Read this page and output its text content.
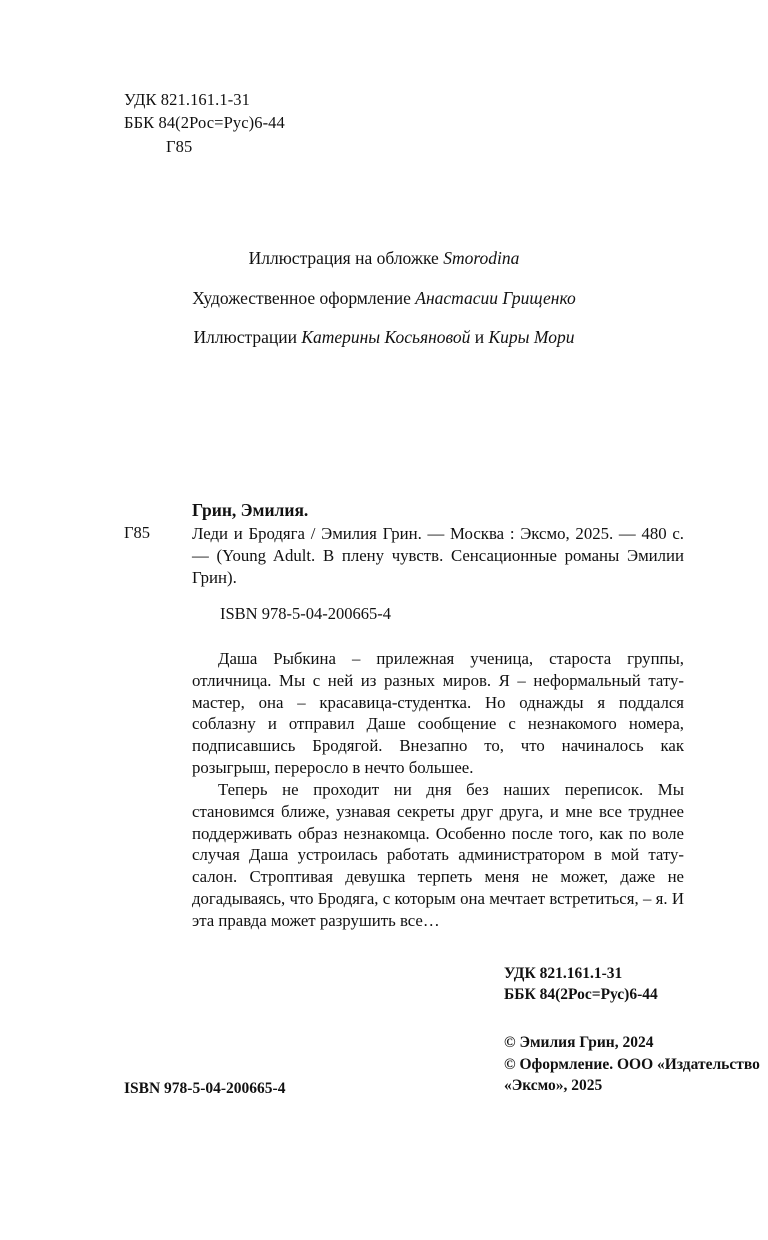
УДК 821.161.1-31
ББК 84(2Рос=Рус)6-44
Г85
Иллюстрация на обложке Smorodina
Художественное оформление Анастасии Грищенко
Иллюстрации Катерины Косьяновой и Киры Мори
Грин, Эмилия.
Г85 Леди и Бродяга / Эмилия Грин. — Москва : Эксмо, 2025. — 480 с. — (Young Adult. В плену чувств. Сенсационные романы Эмилии Грин).
ISBN 978-5-04-200665-4

Даша Рыбкина – прилежная ученица, староста группы, отличница. Мы с ней из разных миров. Я – неформальный тату-мастер, она – красавица-студентка. Но однажды я поддался соблазну и отправил Даше сообщение с незнакомого номера, подписавшись Бродягой. Внезапно то, что начиналось как розыгрыш, переросло в нечто большее.

Теперь не проходит ни дня без наших переписок. Мы становимся ближе, узнавая секреты друг друга, и мне все труднее поддерживать образ незнакомца. Особенно после того, как по воле случая Даша устроилась работать администратором в мой тату-салон. Строптивая девушка терпеть меня не может, даже не догадываясь, что Бродяга, с которым она мечтает встретиться, – я. И эта правда может разрушить все…

УДК 821.161.1-31
ББК 84(2Рос=Рус)6-44
© Эмилия Грин, 2024
© Оформление. ООО «Издательство
«Эксмо», 2025
ISBN 978-5-04-200665-4
